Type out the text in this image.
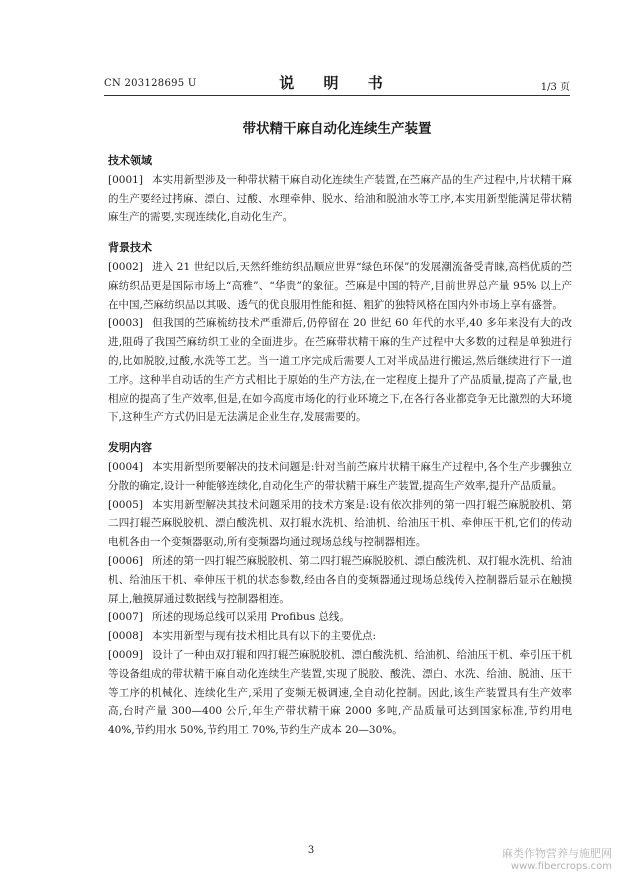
CN 203128695 U	说 明 书	1/3 页
带状精干麻自动化连续生产装置

技术领域

[0001] 本实用新型涉及一种带状精干麻自动化连续生产装置,在苎麻产品的生产过程中,片状精干麻的生产要经过拷麻、漂白、过酸、水理牵伸、脱水、给油和脱油水等工序,本实用新型能满足带状精麻生产的需要,实现连续化,自动化生产。

背景技术

[0002] 进入 21 世纪以后,天然纤维纺织品顺应世界“绿色环保”的发展潮流备受青睐,高档优质的苎麻纺织品更是国际市场上“高雅”、“华贵”的象征。苎麻是中国的特产,目前世界总产量 95% 以上产在中国,苎麻纺织品以其吸、透气的优良服用性能和挺、粗犷的独特风格在国内外市场上享有盛誉。

[0003] 但我国的苎麻梳纺技术严重滞后,仍停留在 20 世纪 60 年代的水平,40 多年来没有大的改进,阻碍了我国苎麻纺织工业的全面进步。在苎麻带状精干麻的生产过程中大多数的过程是单独进行的,比如脱胶,过酸,水洗等工艺。当一道工序完成后需要人工对半成品进行搬运,然后继续进行下一道工序。这种半自动话的生产方式相比于原始的生产方法,在一定程度上提升了产品质量,提高了产量,也相应的提高了生产效率,但是,在如今高度市场化的行业环境之下,在各行各业都竞争无比激烈的大环境下,这种生产方式仍旧是无法满足企业生存,发展需要的。

发明内容

[0004] 本实用新型所要解决的技术问题是:针对当前苎麻片状精干麻生产过程中,各个生产步骤独立分散的确定,设计一种能够连续化,自动化生产的带状精干麻生产装置,提高生产效率,提升产品质量。

[0005] 本实用新型解决其技术问题采用的技术方案是:设有依次排列的第一四打辊苎麻脱胶机、第二四打辊苎麻脱胶机、漂白酸洗机、双打辊水洗机、给油机、给油压干机、牵伸压干机,它们的传动电机各由一个变频器驱动,所有变频器均通过现场总线与控制器相连。

[0006] 所述的第一四打辊苎麻脱胶机、第二四打辊苎麻脱胶机、漂白酸洗机、双打辊水洗机、给油机、给油压干机、牵伸压干机的状态参数,经由各自的变频器通过现场总线传入控制器后显示在触摸屏上,触摸屏通过数据线与控制器相连。

[0007] 所述的现场总线可以采用 Profibus 总线。

[0008] 本实用新型与现有技术相比具有以下的主要优点:

[0009] 设计了一种由双打辊和四打辊苎麻脱胶机、漂白酸洗机、给油机、给油压干机、牵引压干机等设备组成的带状精干麻自动化连续生产装置,实现了脱胶、酸洗、漂白、水洗、给油、脱油、压干等工序的机械化、连续化生产,采用了变频无极调速,全自动化控制。因此,该生产装置具有生产效率高,台时产量 300—400 公斤,年生产带状精干麻 2000 多吨,产品质量可达到国家标准,节约用电 40%,节约用水 50%,节约用工 70%,节约生产成本 20—30%。

3	麻类作物营养与施肥网
www.fibercrops.com
